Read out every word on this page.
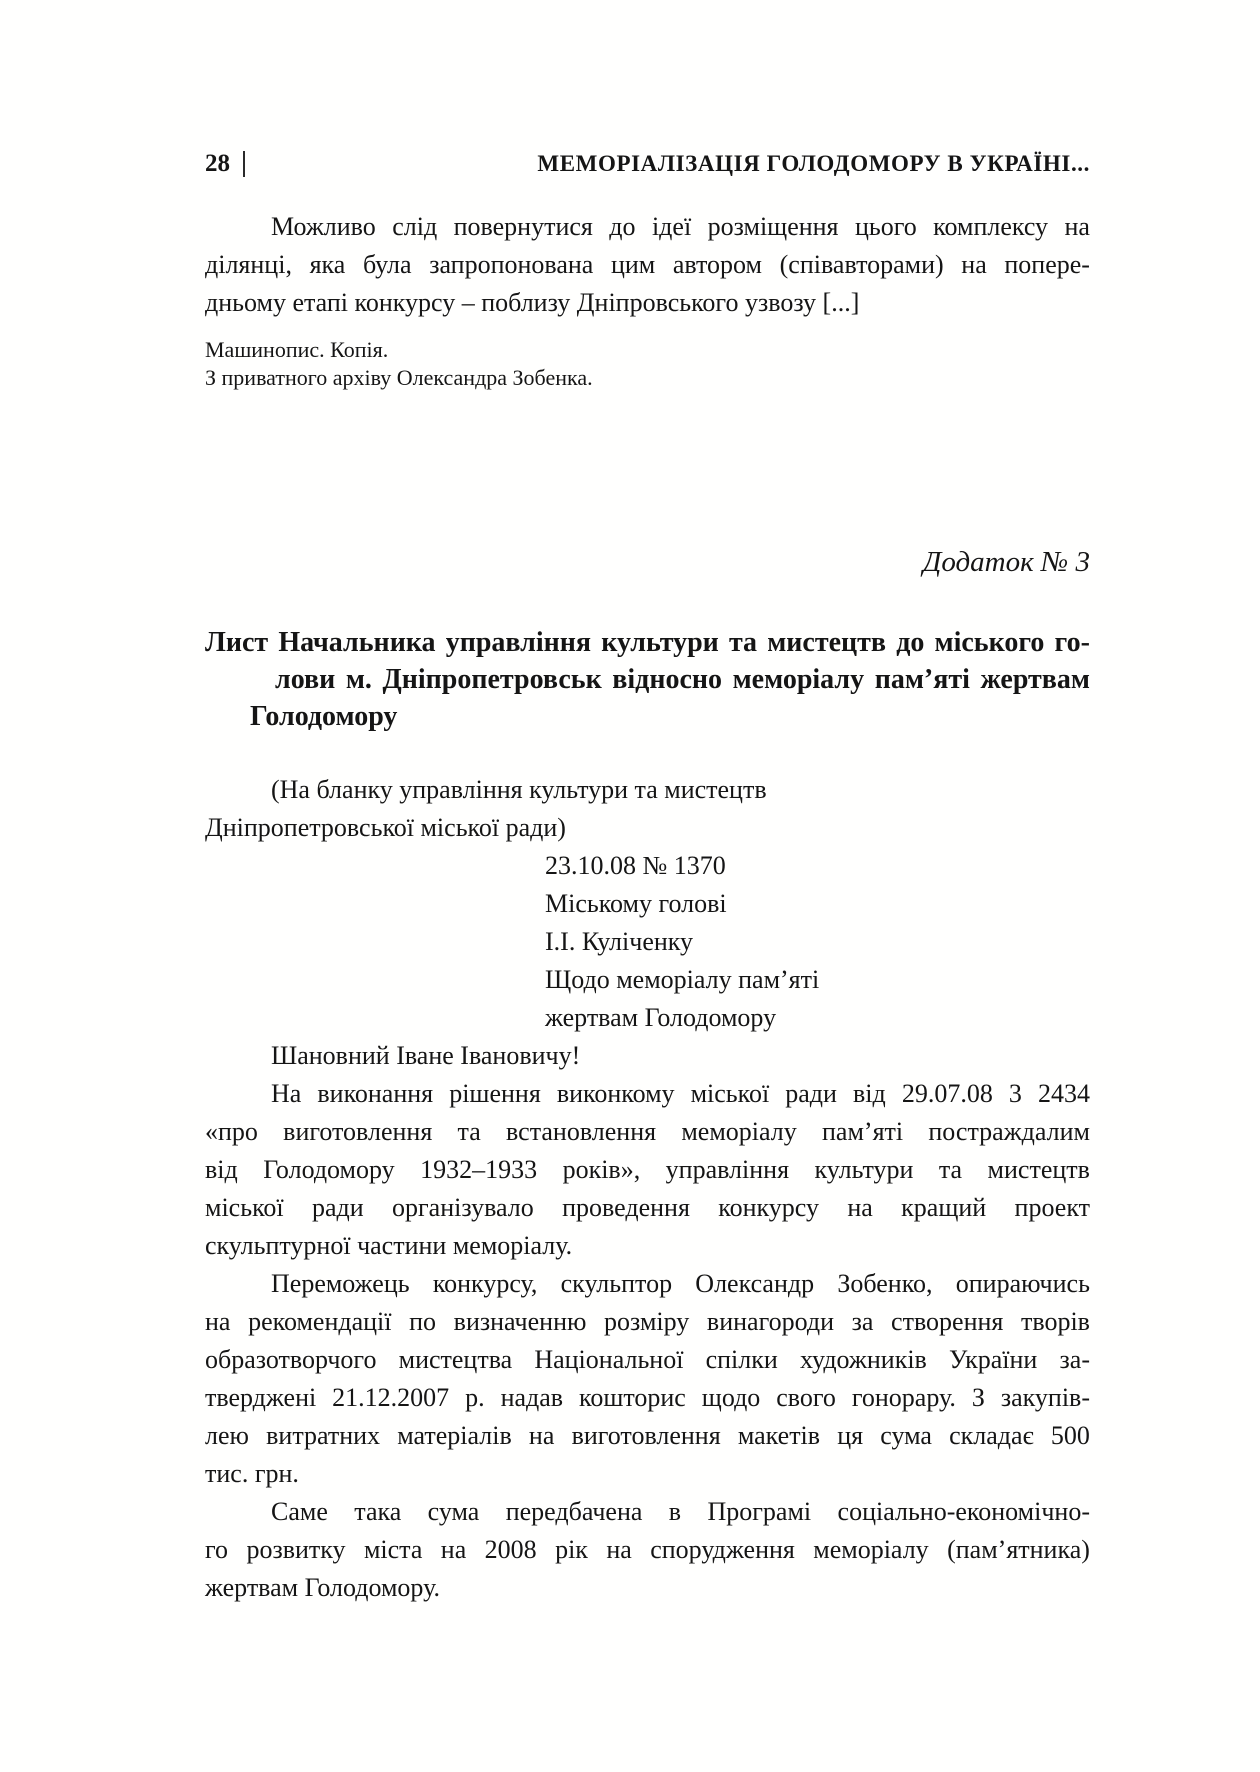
28	МЕМОРІАЛІЗАЦІЯ ГОЛОДОМОРУ В УКРАЇНІ...
Можливо слід повернутися до ідеї розміщення цього комплексу на
ділянці, яка була запропонована цим автором (співавторами) на попере-
дньому етапі конкурсу – поблизу Дніпровського узвозу [...]
Машинопис. Копія.
З приватного архіву Олександра Зобенка.
Додаток № 3
Лист Начальника управління культури та мистецтв до міського го-
лови м. Дніпропетровськ відносно меморіалу пам’яті жертвам
Голодомору
(На бланку управління культури та мистецтв
Дніпропетровської міської ради)
23.10.08 № 1370
Міському голові
І.І. Куліченку
Щодо меморіалу пам’яті
жертвам Голодомору
Шановний Іване Івановичу!
На виконання рішення виконкому міської ради від 29.07.08 3 2434
«про виготовлення та встановлення меморіалу пам’яті постраждалим
від Голодомору 1932–1933 років», управління культури та мистецтв
міської ради організувало проведення конкурсу на кращий проект
скульптурної частини меморіалу.
Переможець конкурсу, скульптор Олександр Зобенко, опираючись
на рекомендації по визначенню розміру винагороди за створення творів
образотворчого мистецтва Національної спілки художників України за-
тверджені 21.12.2007 р. надав кошторис щодо свого гонорару. З закупів-
лею витратних матеріалів на виготовлення макетів ця сума складає 500
тис. грн.
Саме така сума передбачена в Програмі соціально-економічно-
го розвитку міста на 2008 рік на спорудження меморіалу (пам’ятника)
жертвам Голодомору.
